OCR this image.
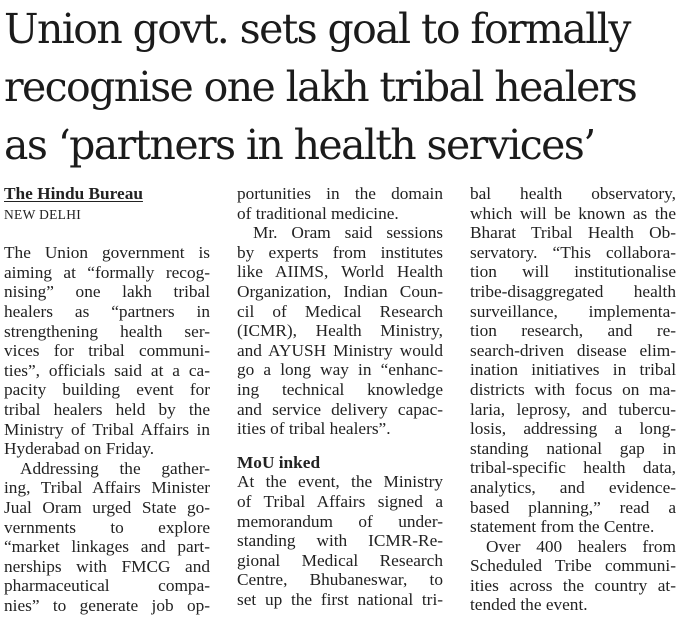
Union govt. sets goal to formally
recognise one lakh tribal healers
as ‘partners in health services’
The Hindu Bureau
NEW DELHI
The Union government is
aiming at “formally recog-
nising” one lakh tribal
healers as “partners in
strengthening health ser-
vices for tribal communi-
ties”, officials said at a ca-
pacity building event for
tribal healers held by the
Ministry of Tribal Affairs in
Hyderabad on Friday.
Addressing the gather-
ing, Tribal Affairs Minister
Jual Oram urged State go-
vernments to explore
“market linkages and part-
nerships with FMCG and
pharmaceutical compa-
nies” to generate job op-
portunities in the domain
of traditional medicine.
Mr. Oram said sessions
by experts from institutes
like AIIMS, World Health
Organization, Indian Coun-
cil of Medical Research
(ICMR), Health Ministry,
and AYUSH Ministry would
go a long way in “enhanc-
ing technical knowledge
and service delivery capac-
ities of tribal healers”.
MoU inked
At the event, the Ministry
of Tribal Affairs signed a
memorandum of under-
standing with ICMR-Re-
gional Medical Research
Centre, Bhubaneswar, to
set up the first national tri-
bal health observatory,
which will be known as the
Bharat Tribal Health Ob-
servatory. “This collabora-
tion will institutionalise
tribe-disaggregated health
surveillance, implementa-
tion research, and re-
search-driven disease elim-
ination initiatives in tribal
districts with focus on ma-
laria, leprosy, and tubercu-
losis, addressing a long-
standing national gap in
tribal-specific health data,
analytics, and evidence-
based planning,” read a
statement from the Centre.
Over 400 healers from
Scheduled Tribe communi-
ities across the country at-
tended the event.
